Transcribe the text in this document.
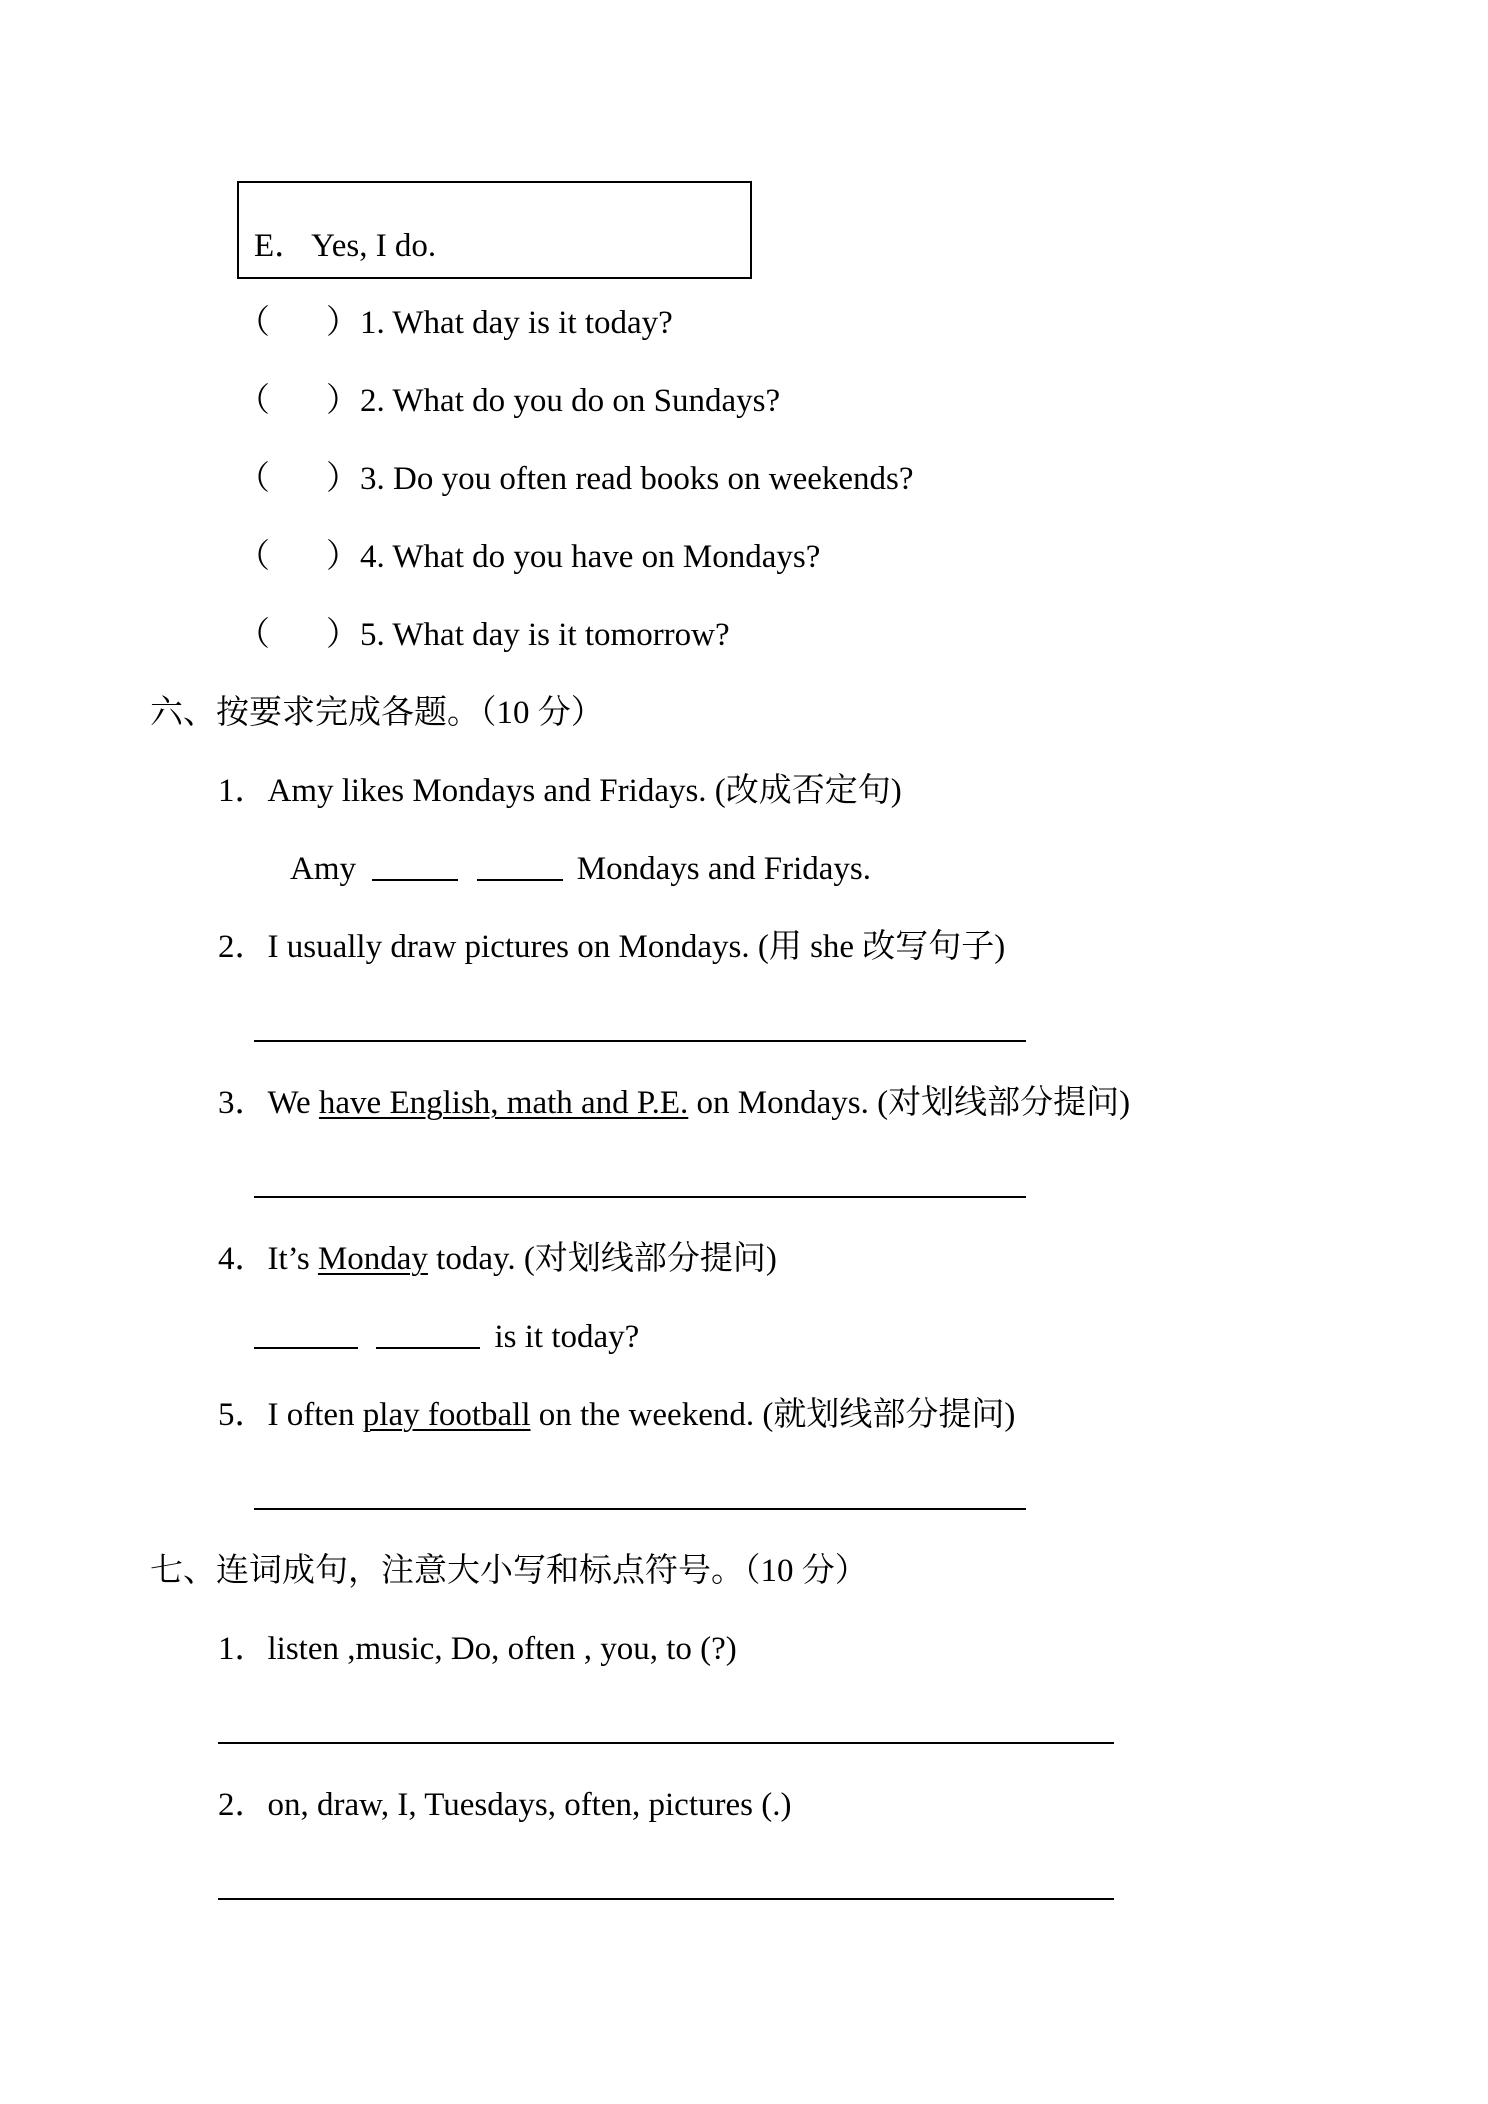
E． Yes, I do.
（ ） 1. What day is it today?
（ ） 2. What do you do on Sundays?
（ ） 3. Do you often read books on weekends?
（ ） 4. What do you have on Mondays?
（ ） 5. What day is it tomorrow?
六、按要求完成各题。（10 分）
1．Amy likes Mondays and Fridays. (改成否定句)
Amy	Mondays and Fridays.
2．I usually draw pictures on Mondays. (用 she 改写句子)
3．We have English, math and P.E. on Mondays. (对划线部分提问)
4．It’s Monday today. (对划线部分提问)
is it today?
5．I often play football on the weekend. (就划线部分提问)
七、连词成句，注意大小写和标点符号。（10 分）
1．listen ,music, Do, often , you, to (?)
2．on, draw, I, Tuesdays, often, pictures (.)
